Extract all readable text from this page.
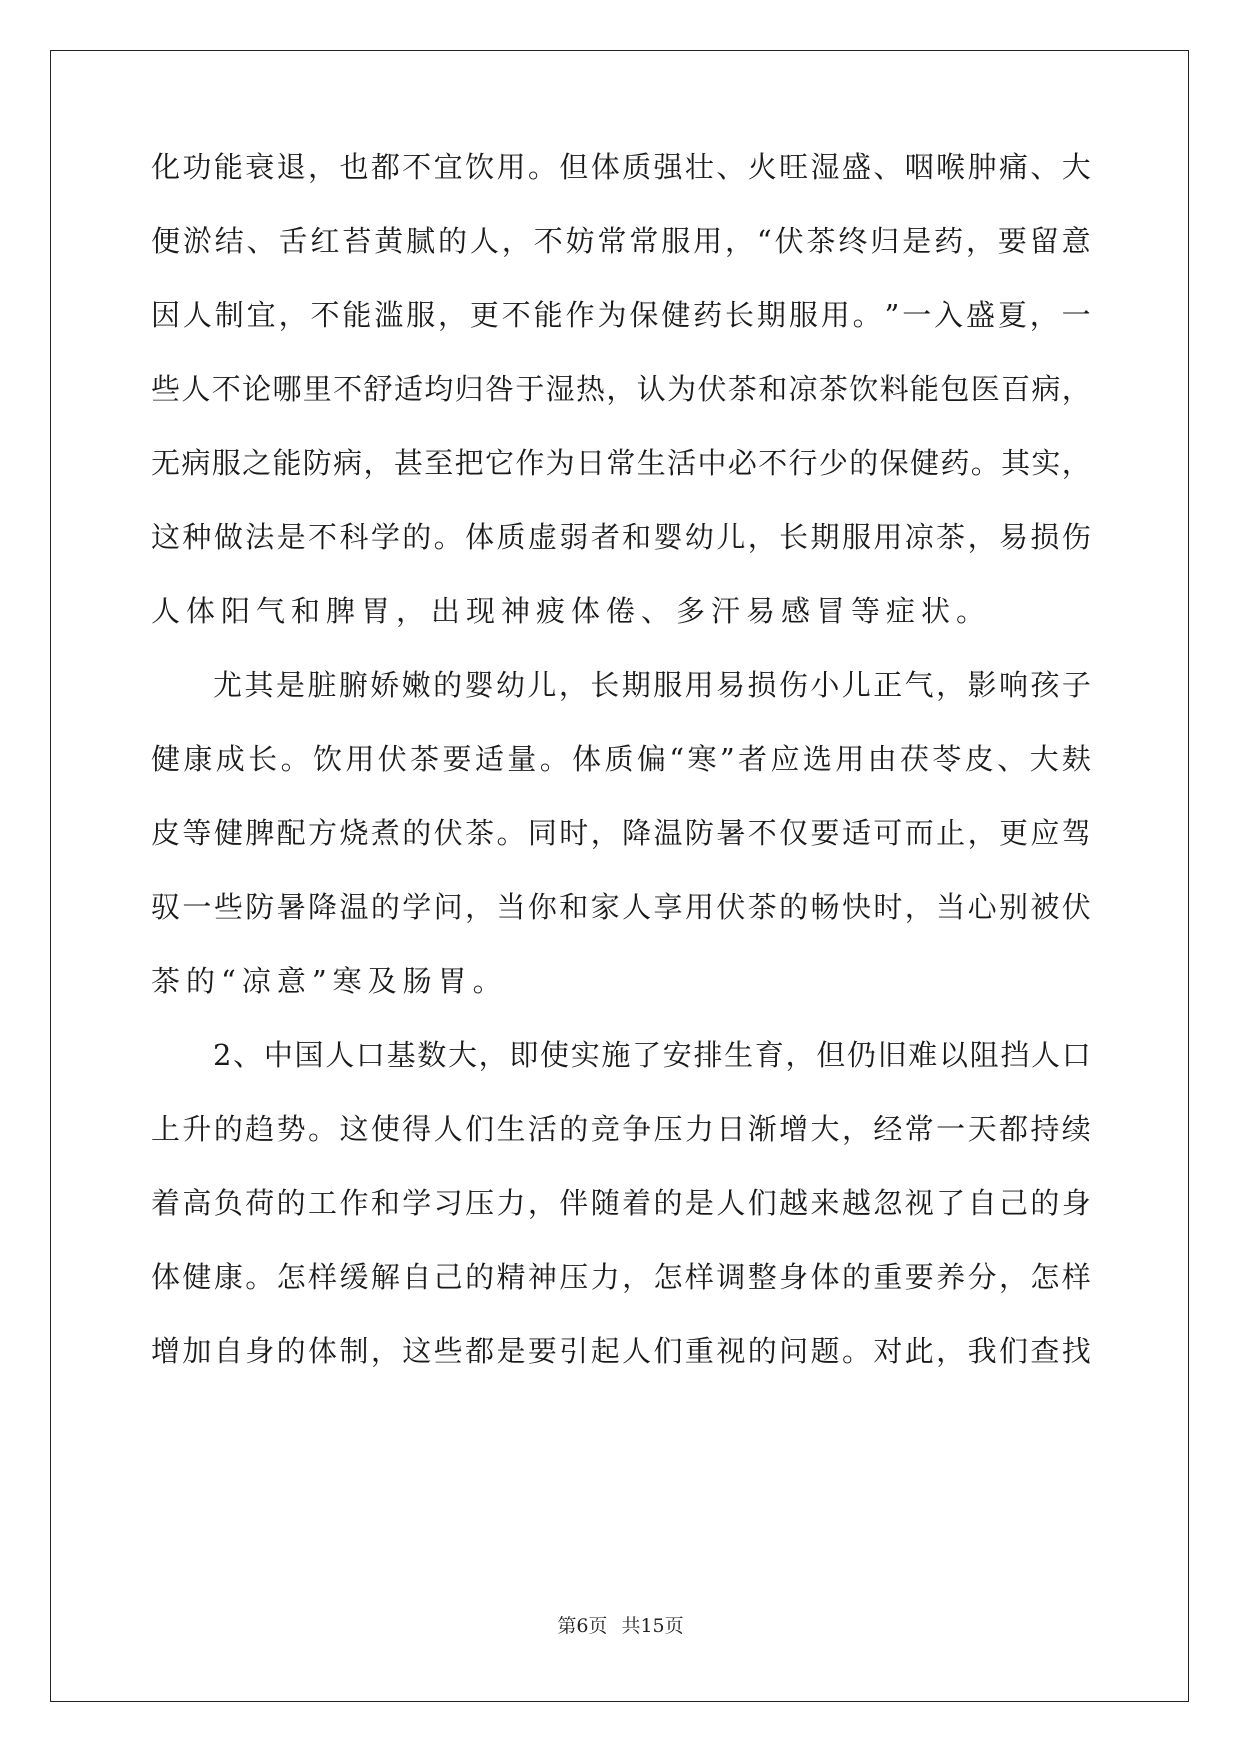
化 功 能 衰 退 ， 也 都 不 宜 饮 用 。 但 体 质 强 壮 、 火 旺 湿 盛 、 咽 喉 肿 痛 、 大
便 淤 结 、 舌 红 苔 黄 腻 的 人 ， 不 妨 常 常 服 用 ， “ 伏 茶 终 归 是 药 ， 要 留 意
因 人 制 宜 ， 不 能 滥 服 ， 更 不 能 作 为 保 健 药 长 期 服 用 。 ” 一 入 盛 夏 ， 一
些 人 不 论 哪 里 不 舒 适 均 归 咎 于 湿 热 ， 认 为 伏 茶 和 凉 茶 饮 料 能 包 医 百 病 ，
无 病 服 之 能 防 病 ， 甚 至 把 它 作 为 日 常 生 活 中 必 不 行 少 的 保 健 药 。 其 实 ，
这 种 做 法 是 不 科 学 的 。 体 质 虚 弱 者 和 婴 幼 儿 ， 长 期 服 用 凉 茶 ， 易 损 伤
人体阳气和脾胃，出现神疲体倦、多汗易感冒等症状。
尤 其 是 脏 腑 娇 嫩 的 婴 幼 儿 ， 长 期 服 用 易 损 伤 小 儿 正 气 ， 影 响 孩 子
健 康 成 长 。 饮 用 伏 茶 要 适 量 。 体 质 偏 “ 寒 ” 者 应 选 用 由 茯 苓 皮 、 大 麸
皮 等 健 脾 配 方 烧 煮 的 伏 茶 。 同 时 ， 降 温 防 暑 不 仅 要 适 可 而 止 ， 更 应 驾
驭 一 些 防 暑 降 温 的 学 问 ， 当 你 和 家 人 享 用 伏 茶 的 畅 快 时 ， 当 心 别 被 伏
茶的“凉意”寒及肠胃。
2 、 中 国 人 口 基 数 大 ， 即 使 实 施 了 安 排 生 育 ， 但 仍 旧 难 以 阻 挡 人 口
上 升 的 趋 势 。 这 使 得 人 们 生 活 的 竞 争 压 力 日 渐 增 大 ， 经 常 一 天 都 持 续
着 高 负 荷 的 工 作 和 学 习 压 力 ， 伴 随 着 的 是 人 们 越 来 越 忽 视 了 自 己 的 身
体 健 康 。 怎 样 缓 解 自 己 的 精 神 压 力 ， 怎 样 调 整 身 体 的 重 要 养 分 ， 怎 样
增 加 自 身 的 体 制 ， 这 些 都 是 要 引 起 人 们 重 视 的 问 题 。 对 此 ， 我 们 查 找
第6页 共15页
